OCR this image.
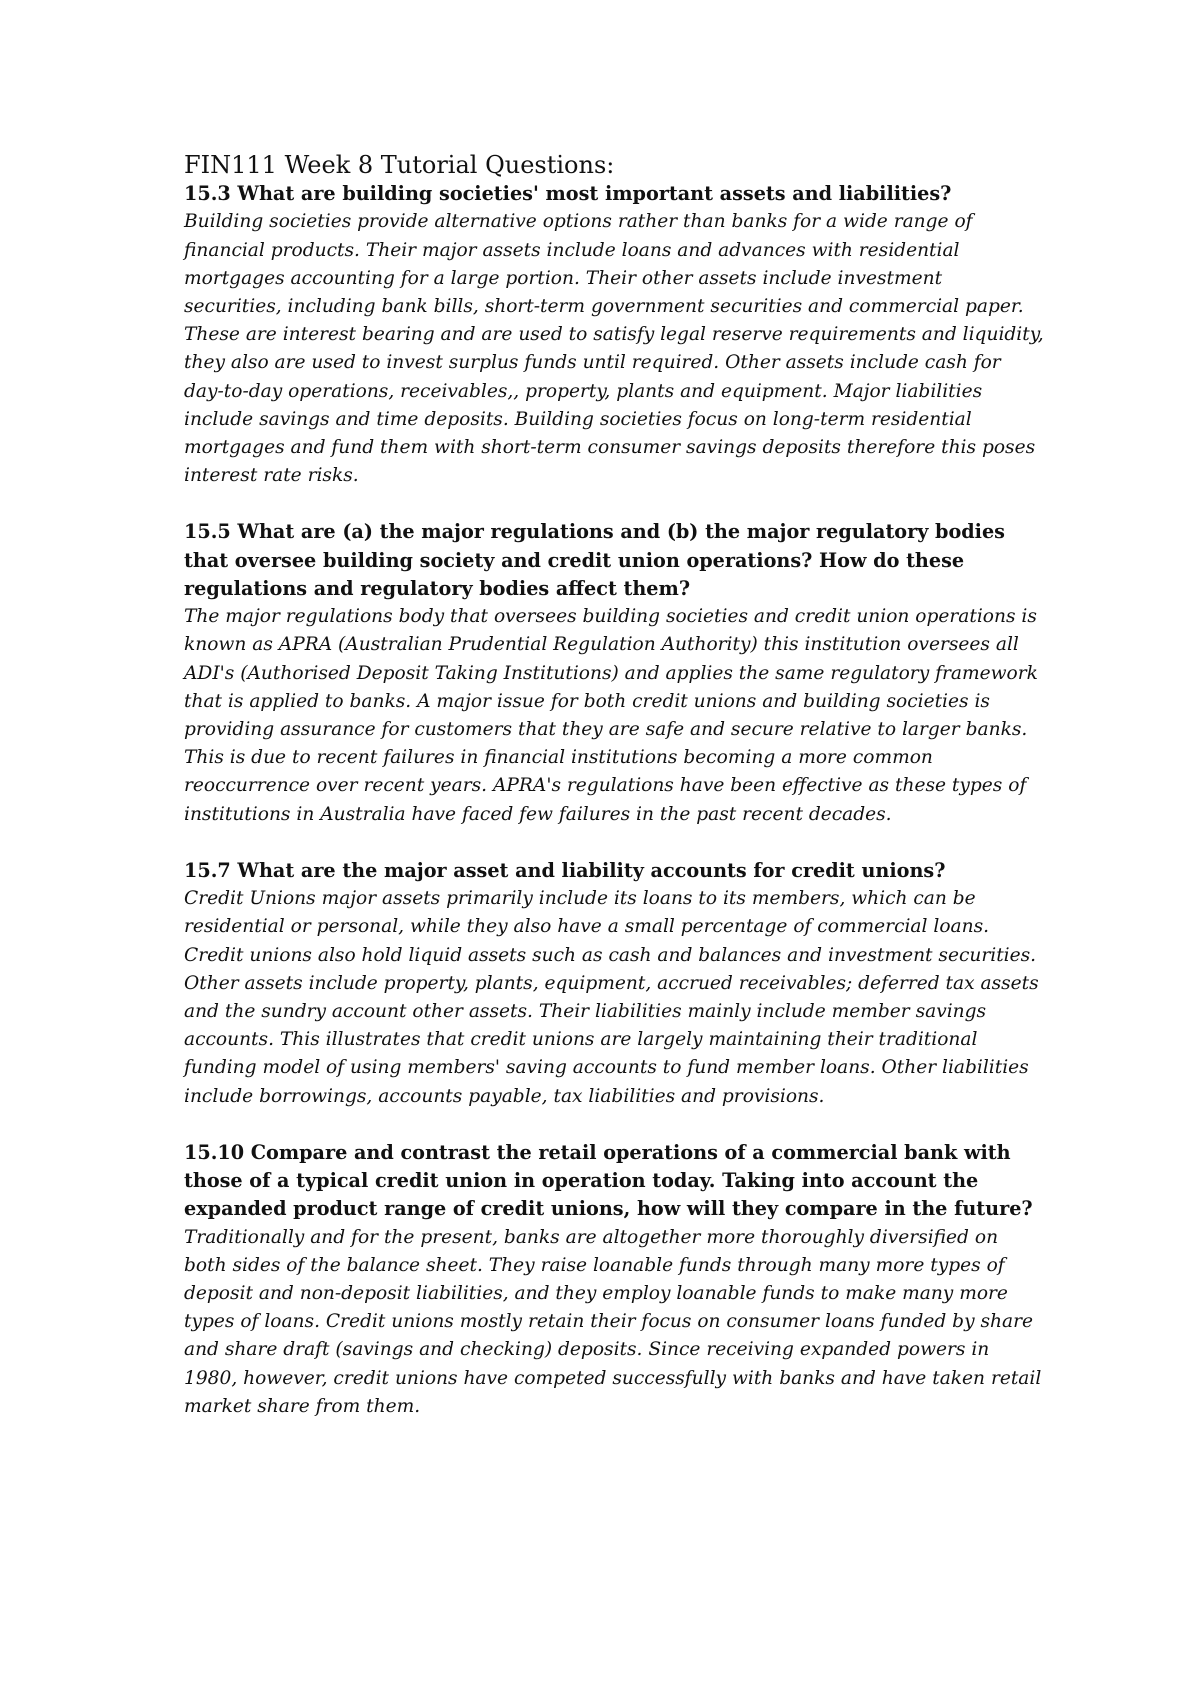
FIN111 Week 8 Tutorial Questions:

15.3 What are building societies' most important assets and liabilities?

Building societies provide alternative options rather than banks for a wide range of financial products. Their major assets include loans and advances with residential mortgages accounting for a large portion. Their other assets include investment securities, including bank bills, short-term government securities and commercial paper. These are interest bearing and are used to satisfy legal reserve requirements and liquidity, they also are used to invest surplus funds until required. Other assets include cash for day-to-day operations, receivables,, property, plants and equipment. Major liabilities include savings and time deposits. Building societies focus on long-term residential mortgages and fund them with short-term consumer savings deposits therefore this poses interest rate risks.

15.5 What are (a) the major regulations and (b) the major regulatory bodies that oversee building society and credit union operations? How do these regulations and regulatory bodies affect them?

The major regulations body that oversees building societies and credit union operations is known as APRA (Australian Prudential Regulation Authority) this institution oversees all ADI's (Authorised Deposit Taking Institutions) and applies the same regulatory framework that is applied to banks. A major issue for both credit unions and building societies is providing assurance for customers that they are safe and secure relative to larger banks. This is due to recent failures in financial institutions becoming a more common reoccurrence over recent years. APRA's regulations have been effective as these types of institutions in Australia have faced few failures in the past recent decades.

15.7 What are the major asset and liability accounts for credit unions?

Credit Unions major assets primarily include its loans to its members, which can be residential or personal, while they also have a small percentage of commercial loans. Credit unions also hold liquid assets such as cash and balances and investment securities. Other assets include property, plants, equipment, accrued receivables; deferred tax assets and the sundry account other assets. Their liabilities mainly include member savings accounts. This illustrates that credit unions are largely maintaining their traditional funding model of using members' saving accounts to fund member loans. Other liabilities include borrowings, accounts payable, tax liabilities and provisions.

15.10 Compare and contrast the retail operations of a commercial bank with those of a typical credit union in operation today. Taking into account the expanded product range of credit unions, how will they compare in the future?

Traditionally and for the present, banks are altogether more thoroughly diversified on both sides of the balance sheet. They raise loanable funds through many more types of deposit and non-deposit liabilities, and they employ loanable funds to make many more types of loans. Credit unions mostly retain their focus on consumer loans funded by share and share draft (savings and checking) deposits. Since receiving expanded powers in 1980, however, credit unions have competed successfully with banks and have taken retail market share from them.
